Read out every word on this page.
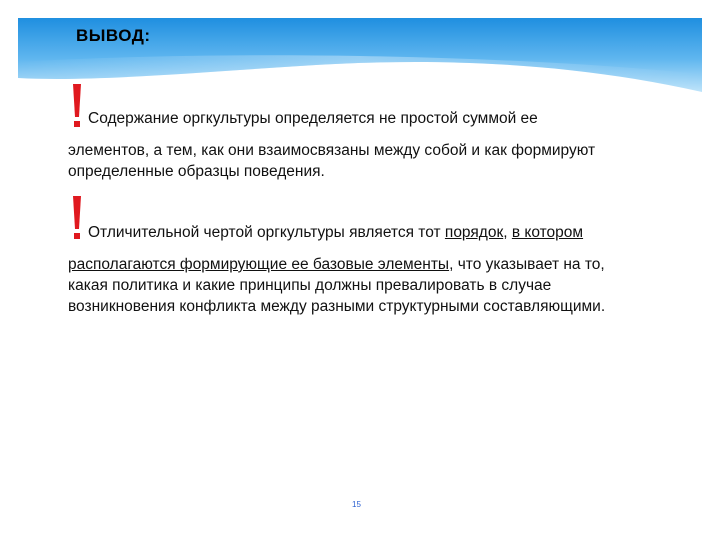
ВЫВОД:
Содержание оргкультуры определяется не простой суммой ее
элементов, а тем, как они взаимосвязаны между собой и как формируют
определенные образцы поведения.
Отличительной чертой оргкультуры является тот порядок, в котором
располагаются формирующие ее базовые элементы, что указывает на то,
какая политика и какие принципы должны превалировать в случае
возникновения конфликта между разными структурными составляющими.
15
